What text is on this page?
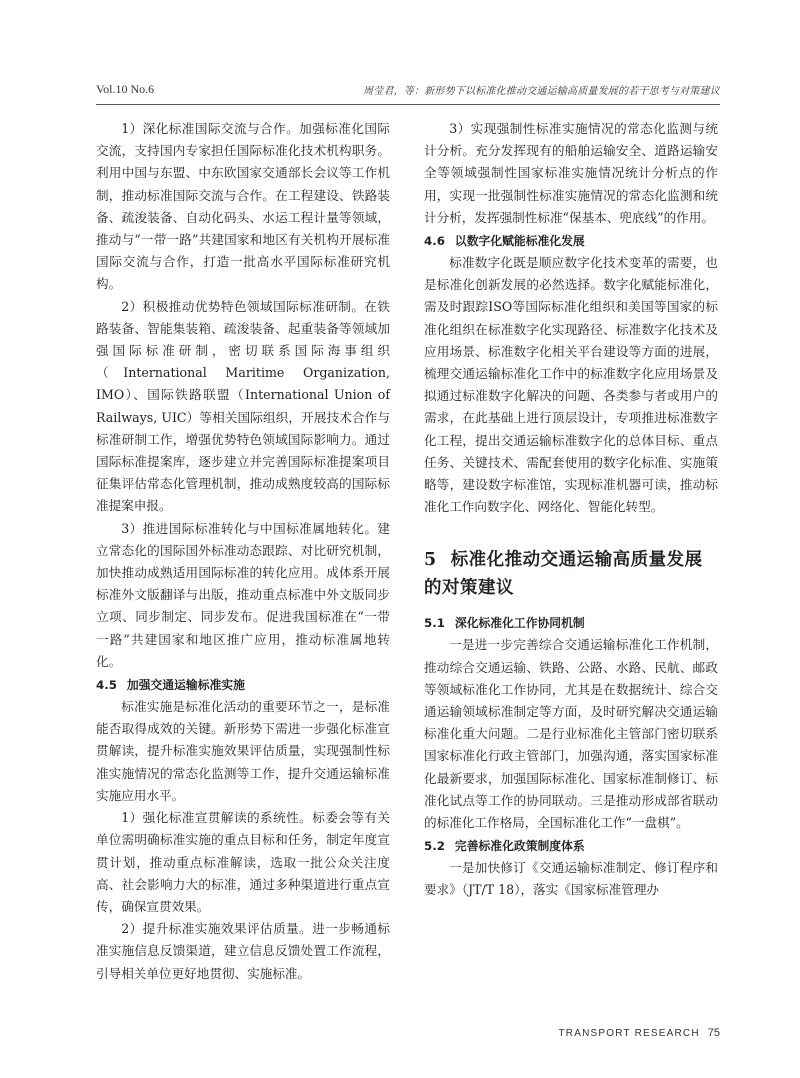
Vol.10 No.6	周莹君，等：新形势下以标准化推动交通运输高质量发展的若干思考与对策建议

1）深化标准国际交流与合作。加强标准化国际交流，支持国内专家担任国际标准化技术机构职务。利用中国与东盟、中东欧国家交通部长会议等工作机制，推动标准国际交流与合作。在工程建设、铁路装备、疏浚装备、自动化码头、水运工程计量等领域，推动与“一带一路”共建国家和地区有关机构开展标准国际交流与合作，打造一批高水平国际标准研究机构。

2）积极推动优势特色领域国际标准研制。在铁路装备、智能集装箱、疏浚装备、起重装备等领域加强国际标准研制，密切联系国际海事组织（International Maritime Organization, IMO）、国际铁路联盟（International Union of Railways, UIC）等相关国际组织，开展技术合作与标准研制工作，增强优势特色领域国际影响力。通过国际标准提案库，逐步建立并完善国际标准提案项目征集评估常态化管理机制，推动成熟度较高的国际标准提案申报。

3）推进国际标准转化与中国标准属地转化。建立常态化的国际国外标准动态跟踪、对比研究机制，加快推动成熟适用国际标准的转化应用。成体系开展标准外文版翻译与出版，推动重点标准中外文版同步立项、同步制定、同步发布。促进我国标准在“一带一路”共建国家和地区推广应用，推动标准属地转化。

4.5 加强交通运输标准实施

标准实施是标准化活动的重要环节之一，是标准能否取得成效的关键。新形势下需进一步强化标准宣贯解读，提升标准实施效果评估质量，实现强制性标准实施情况的常态化监测等工作，提升交通运输标准实施应用水平。

1）强化标准宣贯解读的系统性。标委会等有关单位需明确标准实施的重点目标和任务，制定年度宣贯计划，推动重点标准解读，选取一批公众关注度高、社会影响力大的标准，通过多种渠道进行重点宣传，确保宣贯效果。

2）提升标准实施效果评估质量。进一步畅通标准实施信息反馈渠道，建立信息反馈处置工作流程，引导相关单位更好地贯彻、实施标准。

3）实现强制性标准实施情况的常态化监测与统计分析。充分发挥现有的船舶运输安全、道路运输安全等领域强制性国家标准实施情况统计分析点的作用，实现一批强制性标准实施情况的常态化监测和统计分析，发挥强制性标准“保基本、兜底线”的作用。

4.6 以数字化赋能标准化发展

标准数字化既是顺应数字化技术变革的需要，也是标准化创新发展的必然选择。数字化赋能标准化，需及时跟踪ISO等国际标准化组织和美国等国家的标准化组织在标准数字化实现路径、标准数字化技术及应用场景、标准数字化相关平台建设等方面的进展，梳理交通运输标准化工作中的标准数字化应用场景及拟通过标准数字化解决的问题、各类参与者或用户的需求，在此基础上进行顶层设计，专项推进标准数字化工程，提出交通运输标准数字化的总体目标、重点任务、关键技术、需配套使用的数字化标准、实施策略等，建设数字标准馆，实现标准机器可读，推动标准化工作向数字化、网络化、智能化转型。

5 标准化推动交通运输高质量发展的对策建议
5.1 深化标准化工作协同机制

一是进一步完善综合交通运输标准化工作机制，推动综合交通运输、铁路、公路、水路、民航、邮政等领域标准化工作协同，尤其是在数据统计、综合交通运输领域标准制定等方面，及时研究解决交通运输标准化重大问题。二是行业标准化主管部门密切联系国家标准化行政主管部门，加强沟通，落实国家标准化最新要求，加强国际标准化、国家标准制修订、标准化试点等工作的协同联动。三是推动形成部省联动的标准化工作格局，全国标准化工作“一盘棋”。

5.2 完善标准化政策制度体系

一是加快修订《交通运输标准制定、修订程序和要求》（JT/T 18），落实《国家标准管理办

TRANSPORT RESEARCH 75
